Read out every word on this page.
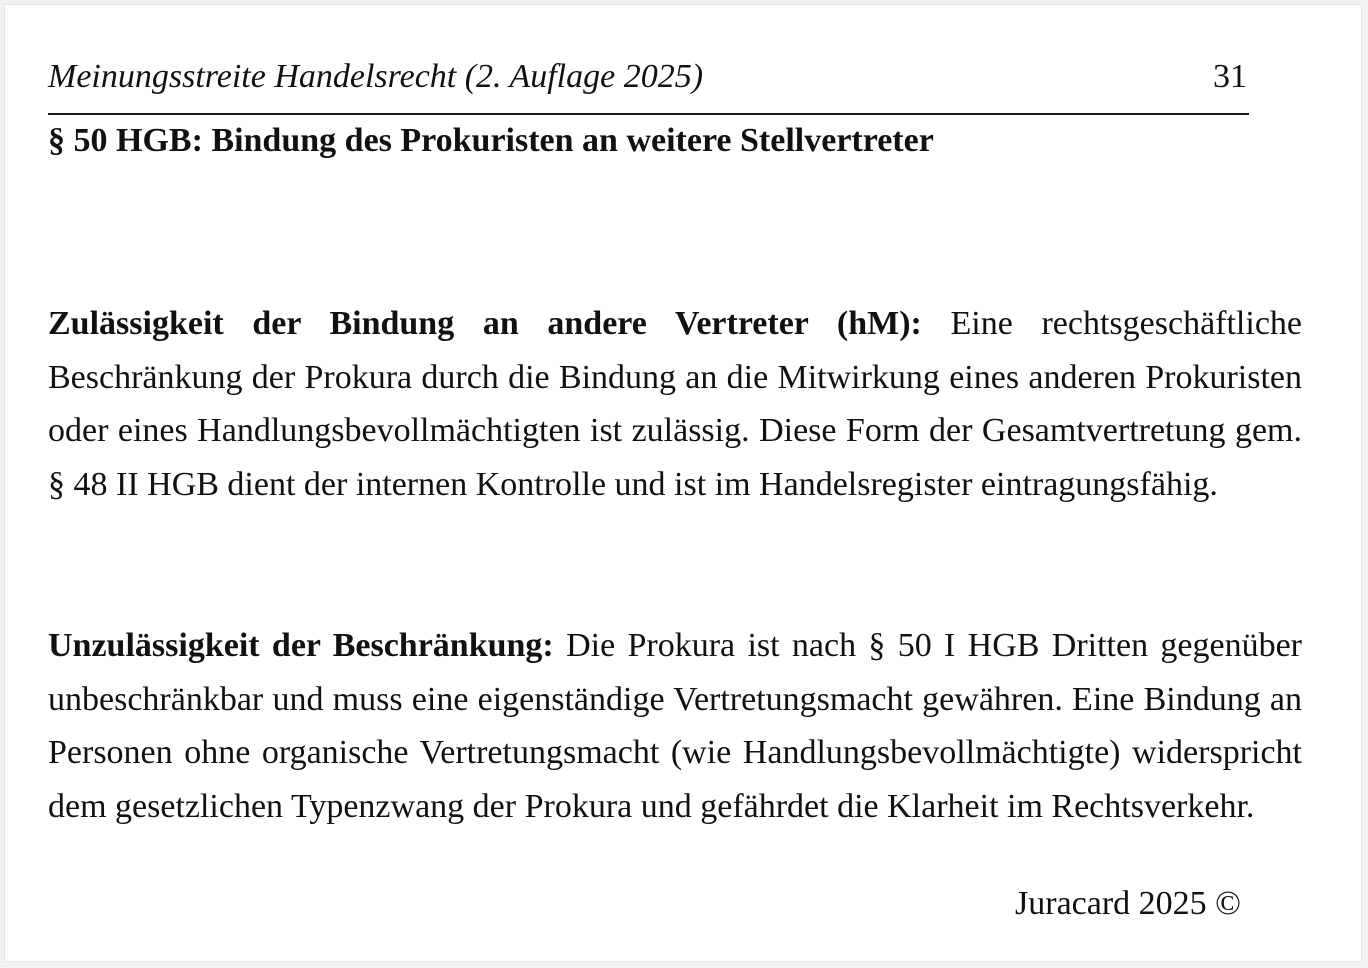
Meinungsstreite Handelsrecht (2. Auflage 2025)	31
§ 50 HGB: Bindung des Prokuristen an weitere Stellvertreter

Zulässigkeit der Bindung an andere Vertreter (hM): Eine rechtsgeschäftliche Beschränkung der Prokura durch die Bindung an die Mitwirkung eines anderen Prokuristen oder eines Handlungsbevollmächtigten ist zulässig. Diese Form der Gesamtvertretung gem. § 48 II HGB dient der internen Kontrolle und ist im Handelsregister eintragungsfähig.

Unzulässigkeit der Beschränkung: Die Prokura ist nach § 50 I HGB Dritten gegenüber unbeschränkbar und muss eine eigenständige Vertretungsmacht gewähren. Eine Bindung an Personen ohne organische Vertretungsmacht (wie Handlungsbevollmächtigte) widerspricht dem gesetzlichen Typenzwang der Prokura und gefährdet die Klarheit im Rechtsverkehr.

Juracard 2025 ©
